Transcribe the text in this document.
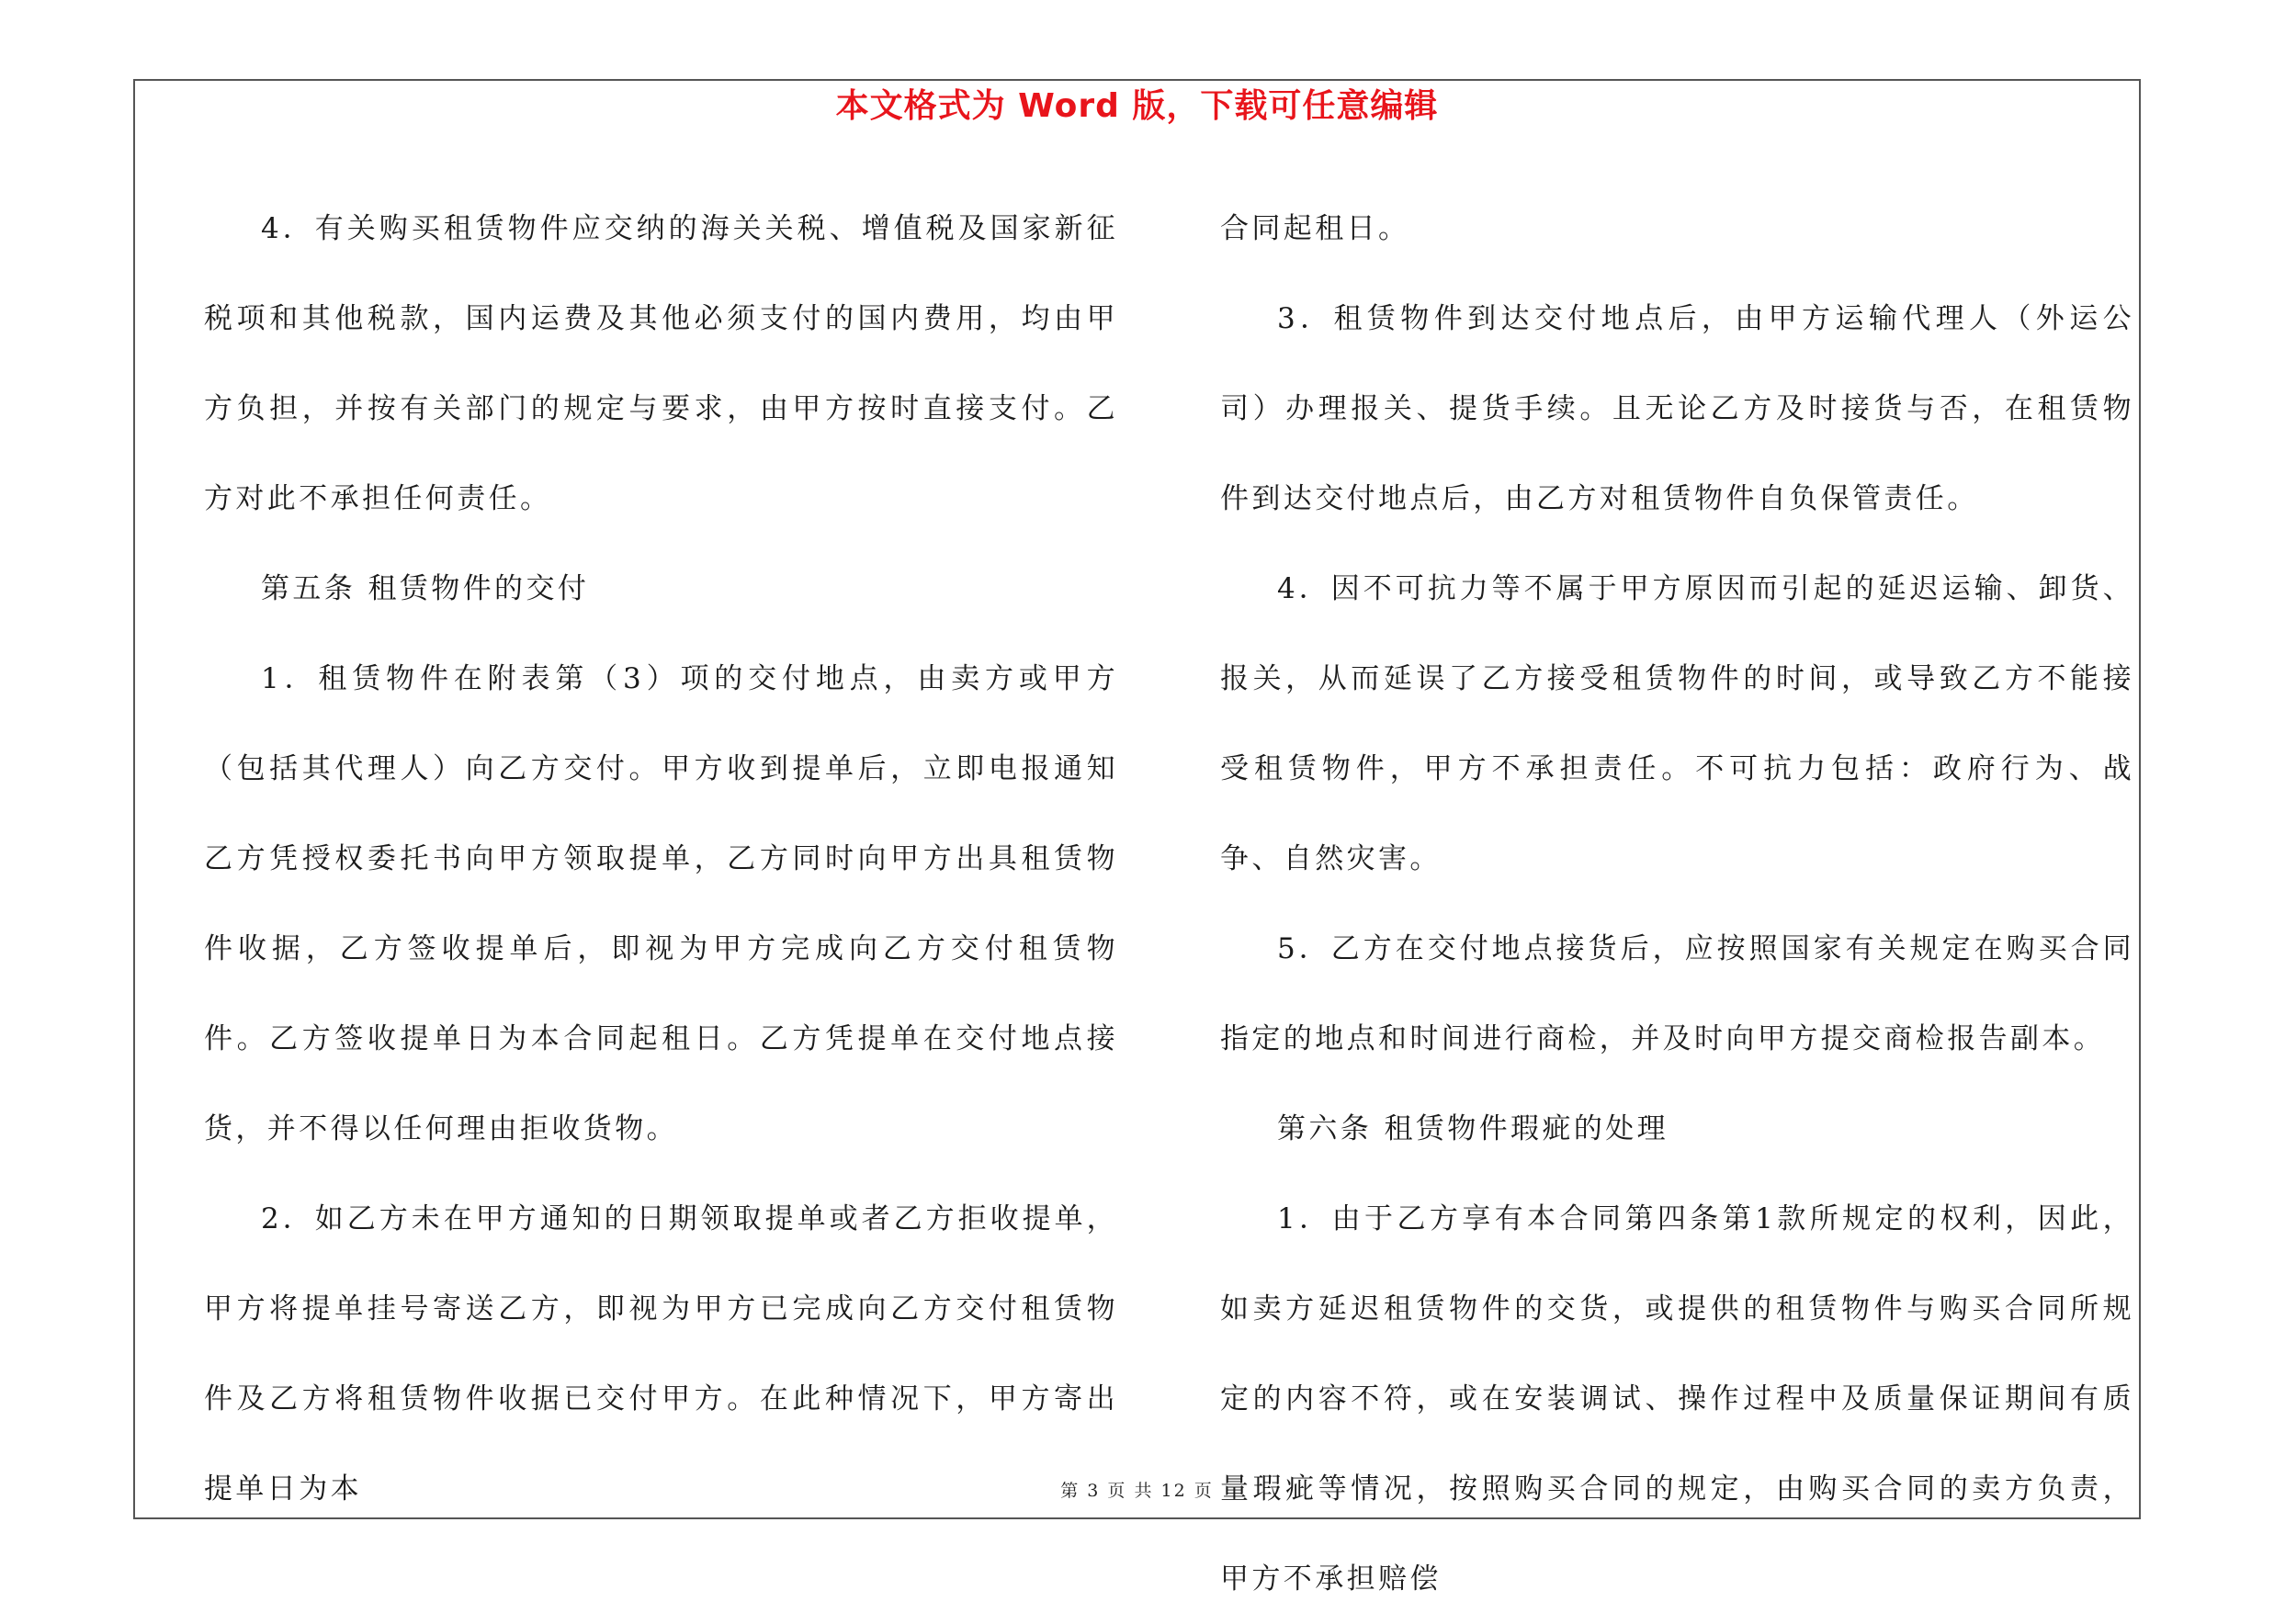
本文格式为 Word 版，下载可任意编辑

4．有关购买租赁物件应交纳的海关关税、增值税及国家新征税项和其他税款，国内运费及其他必须支付的国内费用，均由甲方负担，并按有关部门的规定与要求，由甲方按时直接支付。乙方对此不承担任何责任。

第五条 租赁物件的交付

1．租赁物件在附表第（3）项的交付地点，由卖方或甲方（包括其代理人）向乙方交付。甲方收到提单后，立即电报通知乙方凭授权委托书向甲方领取提单，乙方同时向甲方出具租赁物件收据，乙方签收提单后，即视为甲方完成向乙方交付租赁物件。乙方签收提单日为本合同起租日。乙方凭提单在交付地点接货，并不得以任何理由拒收货物。

2．如乙方未在甲方通知的日期领取提单或者乙方拒收提单，甲方将提单挂号寄送乙方，即视为甲方已完成向乙方交付租赁物件及乙方将租赁物件收据已交付甲方。在此种情况下，甲方寄出提单日为本

合同起租日。

3．租赁物件到达交付地点后，由甲方运输代理人（外运公司）办理报关、提货手续。且无论乙方及时接货与否，在租赁物件到达交付地点后，由乙方对租赁物件自负保管责任。

4．因不可抗力等不属于甲方原因而引起的延迟运输、卸货、报关，从而延误了乙方接受租赁物件的时间，或导致乙方不能接受租赁物件，甲方不承担责任。不可抗力包括：政府行为、战争、自然灾害。

5．乙方在交付地点接货后，应按照国家有关规定在购买合同指定的地点和时间进行商检，并及时向甲方提交商检报告副本。

第六条 租赁物件瑕疵的处理

1．由于乙方享有本合同第四条第1款所规定的权利，因此，如卖方延迟租赁物件的交货，或提供的租赁物件与购买合同所规定的内容不符，或在安装调试、操作过程中及质量保证期间有质量瑕疵等情况，按照购买合同的规定，由购买合同的卖方负责，甲方不承担赔偿

第 3 页 共 12 页
